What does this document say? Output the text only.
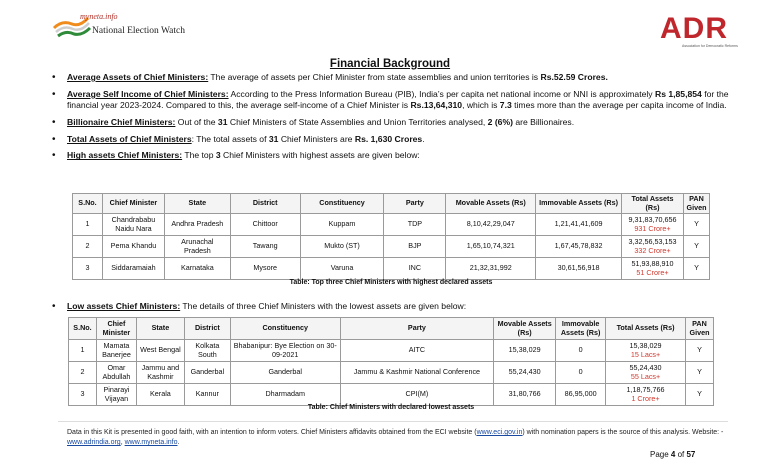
myneta.info
National Election Watch	ADR
Association for Democratic Reforms
Financial Background
• Average Assets of Chief Ministers: The average of assets per Chief Minister from state assemblies and union territories is Rs.52.59 Crores.
• Average Self Income of Chief Ministers: According to the Press Information Bureau (PIB), India’s per capita net national income or NNI is approximately Rs 1,85,854 for the financial year 2023-2024. Compared to this, the average self-income of a Chief Minister is Rs.13,64,310, which is 7.3 times more than the average per capita income of India.
• Billionaire Chief Ministers: Out of the 31 Chief Ministers of State Assemblies and Union Territories analysed, 2 (6%) are Billionaires.
• Total Assets of Chief Ministers: The total assets of 31 Chief Ministers are Rs. 1,630 Crores.
• High assets Chief Ministers: The top 3 Chief Ministers with highest assets are given below:
S.No.	Chief Minister	State	District	Constituency	Party	Movable Assets (Rs)	Immovable Assets (Rs)	Total Assets (Rs)	PAN Given
1	Chandrababu Naidu Nara	Andhra Pradesh	Chittoor	Kuppam	TDP	8,10,42,29,047	1,21,41,41,609	9,31,83,70,656
931 Crore+	Y
2	Pema Khandu	Arunachal Pradesh	Tawang	Mukto (ST)	BJP	1,65,10,74,321	1,67,45,78,832	3,32,56,53,153
332 Crore+	Y
3	Siddaramaiah	Karnataka	Mysore	Varuna	INC	21,32,31,992	30,61,56,918	51,93,88,910
51 Crore+	Y
Table: Top three Chief Ministers with highest declared assets
• Low assets Chief Ministers: The details of three Chief Ministers with the lowest assets are given below:
S.No.	Chief Minister	State	District	Constituency	Party	Movable Assets (Rs)	Immovable Assets (Rs)	Total Assets (Rs)	PAN Given
1	Mamata Banerjee	West Bengal	Kolkata South	Bhabanipur: Bye Election on 30-09-2021	AITC	15,38,029	0	15,38,029
15 Lacs+	Y
2	Omar Abdullah	Jammu and Kashmir	Ganderbal	Ganderbal	Jammu & Kashmir National Conference	55,24,430	0	55,24,430
55 Lacs+	Y
3	Pinarayi Vijayan	Kerala	Kannur	Dharmadam	CPI(M)	31,80,766	86,95,000	1,18,75,766
1 Crore+	Y
Table: Chief Ministers with declared lowest assets
Data in this Kit is presented in good faith, with an intention to inform voters. Chief Ministers affidavits obtained from the ECI website (www.eci.gov.in) with nomination papers is the source of this analysis. Website: -www.adrindia.org, www.myneta.info.
Page 4 of 57
